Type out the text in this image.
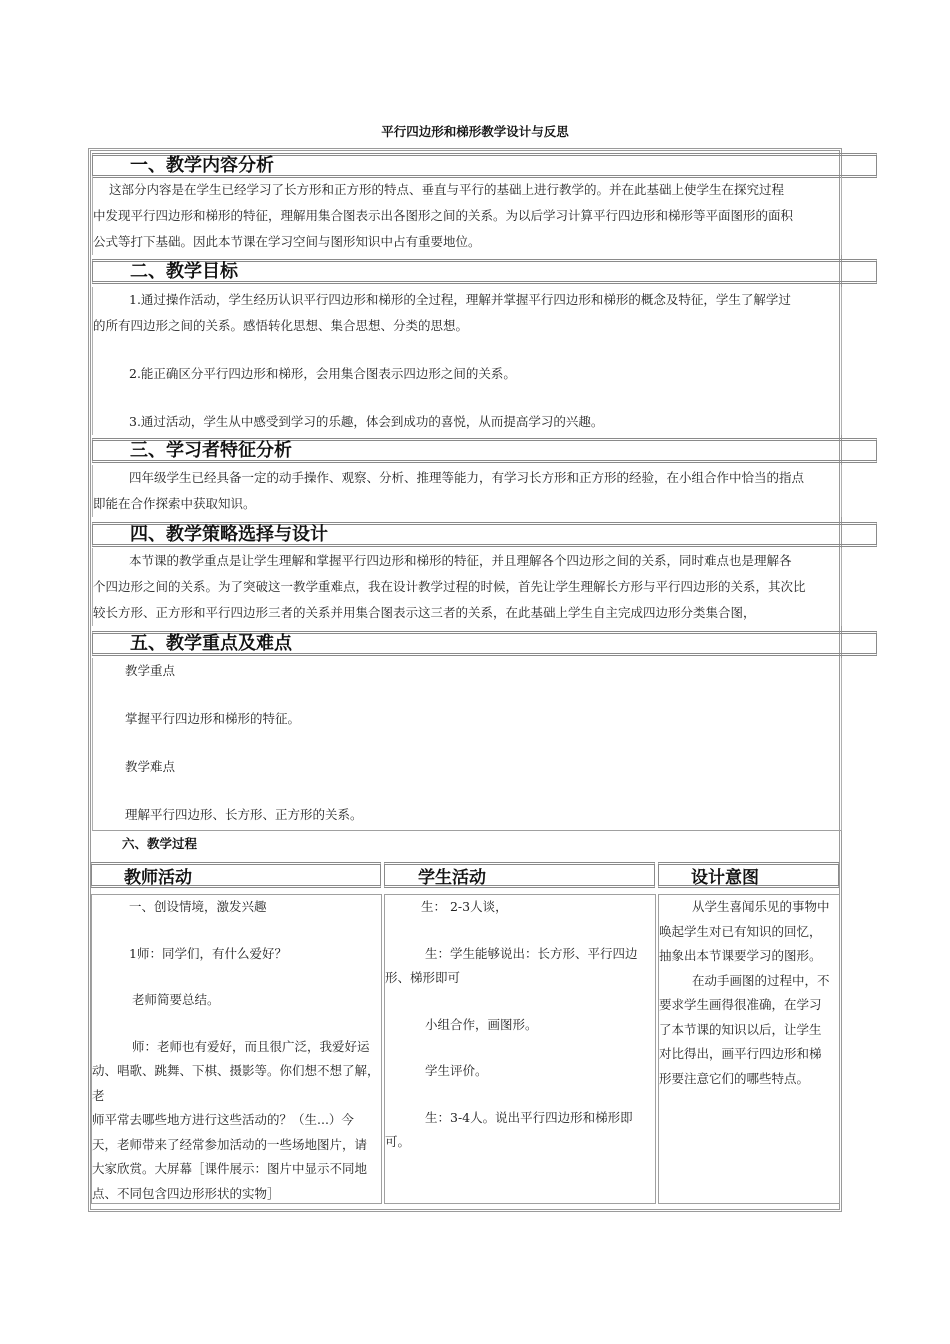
平行四边形和梯形教学设计与反思
一、教学内容分析

这部分内容是在学生已经学习了长方形和正方形的特点、垂直与平行的基础上进行教学的。并在此基础上使学生在探究过程

中发现平行四边形和梯形的特征，理解用集合图表示出各图形之间的关系。为以后学习计算平行四边形和梯形等平面图形的面积

公式等打下基础。因此本节课在学习空间与图形知识中占有重要地位。

二、教学目标

1.通过操作活动，学生经历认识平行四边形和梯形的全过程，理解并掌握平行四边形和梯形的概念及特征，学生了解学过

的所有四边形之间的关系。感悟转化思想、集合思想、分类的思想。

2.能正确区分平行四边形和梯形，会用集合图表示四边形之间的关系。

3.通过活动，学生从中感受到学习的乐趣，体会到成功的喜悦，从而提高学习的兴趣。

三、学习者特征分析

四年级学生已经具备一定的动手操作、观察、分析、推理等能力，有学习长方形和正方形的经验，在小组合作中恰当的指点

即能在合作探索中获取知识。

四、教学策略选择与设计

本节课的教学重点是让学生理解和掌握平行四边形和梯形的特征，并且理解各个四边形之间的关系，同时难点也是理解各

个四边形之间的关系。为了突破这一教学重难点，我在设计教学过程的时候，首先让学生理解长方形与平行四边形的关系，其次比

较长方形、正方形和平行四边形三者的关系并用集合图表示这三者的关系，在此基础上学生自主完成四边形分类集合图，

五、教学重点及难点

教学重点

掌握平行四边形和梯形的特征。

教学难点

理解平行四边形、长方形、正方形的关系。

六、教学过程
教师活动	学生活动	设计意图

一、创设情境，激发兴趣

1师：同学们，有什么爱好？

老师简要总结。

师：老师也有爱好，而且很广泛，我爱好运

动、唱歌、跳舞、下棋、摄影等。你们想不想了解，老

师平常去哪些地方进行这些活动的？（生...）今

天，老师带来了经常参加活动的一些场地图片，请

大家欣赏。大屏幕［课件展示：图片中显示不同地

点、不同包含四边形形状的实物］

生： 2-3人谈，

生：学生能够说出：长方形、平行四边

形、梯形即可

小组合作，画图形。

学生评价。

生：3-4人。说出平行四边形和梯形即

可。

从学生喜闻乐见的事物中

唤起学生对已有知识的回忆，

抽象出本节课要学习的图形。

在动手画图的过程中，不

要求学生画得很准确，在学习

了本节课的知识以后，让学生

对比得出，画平行四边形和梯

形要注意它们的哪些特点。
